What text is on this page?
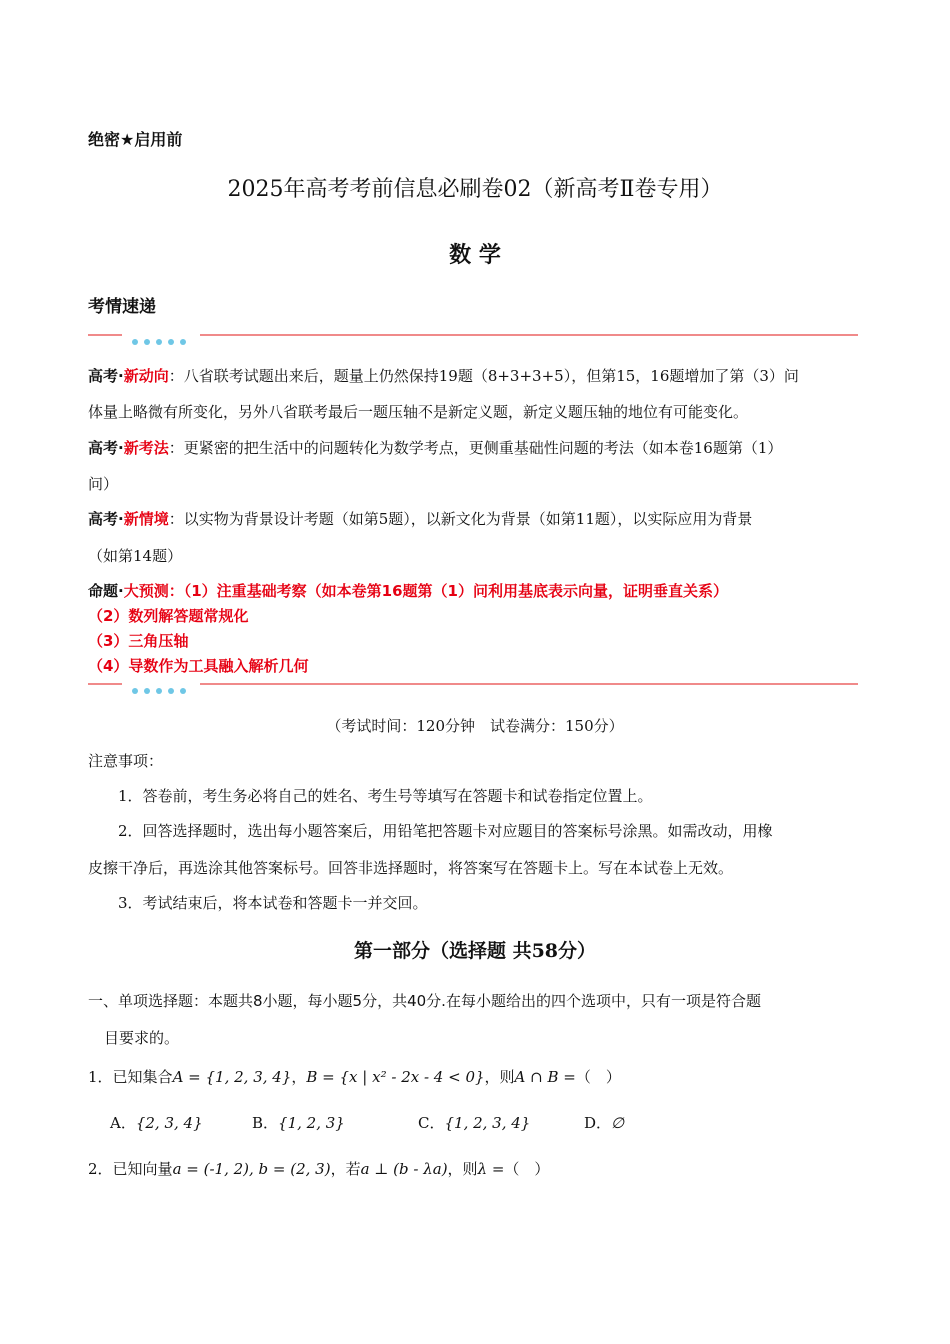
绝密★启用前
2025年高考考前信息必刷卷02（新高考Ⅱ卷专用）
数 学
考情速递
高考·新动向：八省联考试题出来后，题量上仍然保持19题（8+3+3+5），但第15，16题增加了第（3）问
体量上略微有所变化，另外八省联考最后一题压轴不是新定义题，新定义题压轴的地位有可能变化。
高考·新考法：更紧密的把生活中的问题转化为数学考点，更侧重基础性问题的考法（如本卷16题第（1）
问）
高考·新情境：以实物为背景设计考题（如第5题），以新文化为背景（如第11题），以实际应用为背景
（如第14题）
命题·大预测：（1）注重基础考察（如本卷第16题第（1）问利用基底表示向量，证明垂直关系）
（2）数列解答题常规化
（3）三角压轴
（4）导数作为工具融入解析几何
（考试时间：120分钟　试卷满分：150分）
注意事项：
1．答卷前，考生务必将自己的姓名、考生号等填写在答题卡和试卷指定位置上。
2．回答选择题时，选出每小题答案后，用铅笔把答题卡对应题目的答案标号涂黑。如需改动，用橡
皮擦干净后，再选涂其他答案标号。回答非选择题时，将答案写在答题卡上。写在本试卷上无效。
3．考试结束后，将本试卷和答题卡一并交回。
第一部分（选择题 共58分）
一、单项选择题：本题共8小题，每小题5分，共40分.在每小题给出的四个选项中，只有一项是符合题
目要求的。
1．已知集合A = {1, 2, 3, 4}，B = {x | x² - 2x - 4 < 0}，则A ∩ B =（　）
A．{2, 3, 4}	B．{1, 2, 3}	C．{1, 2, 3, 4}	D．∅
2．已知向量a = (-1, 2), b = (2, 3)，若a ⊥ (b - λa)，则λ =（　）
